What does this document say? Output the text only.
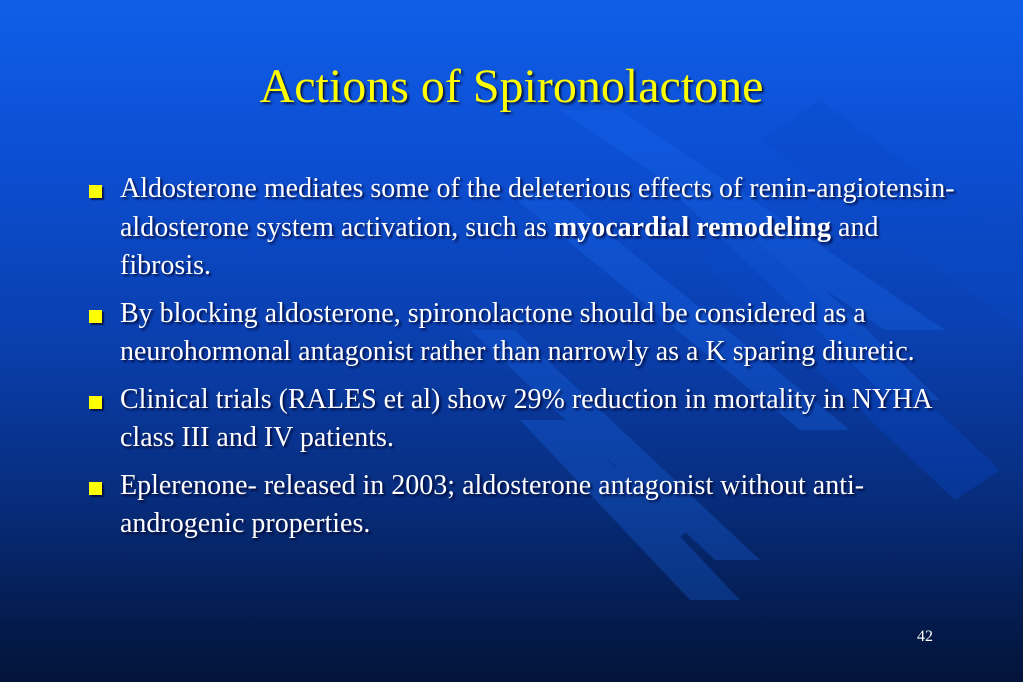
Actions of Spironolactone
Aldosterone mediates some of the deleterious effects of renin-angiotensin-aldosterone system activation, such as myocardial remodeling and fibrosis.
By blocking aldosterone, spironolactone should be considered as a neurohormonal antagonist rather than narrowly as a K sparing diuretic.
Clinical trials (RALES et al) show 29% reduction in mortality in NYHA class III and IV patients.
Eplerenone- released in 2003; aldosterone antagonist without anti-androgenic properties.
42
